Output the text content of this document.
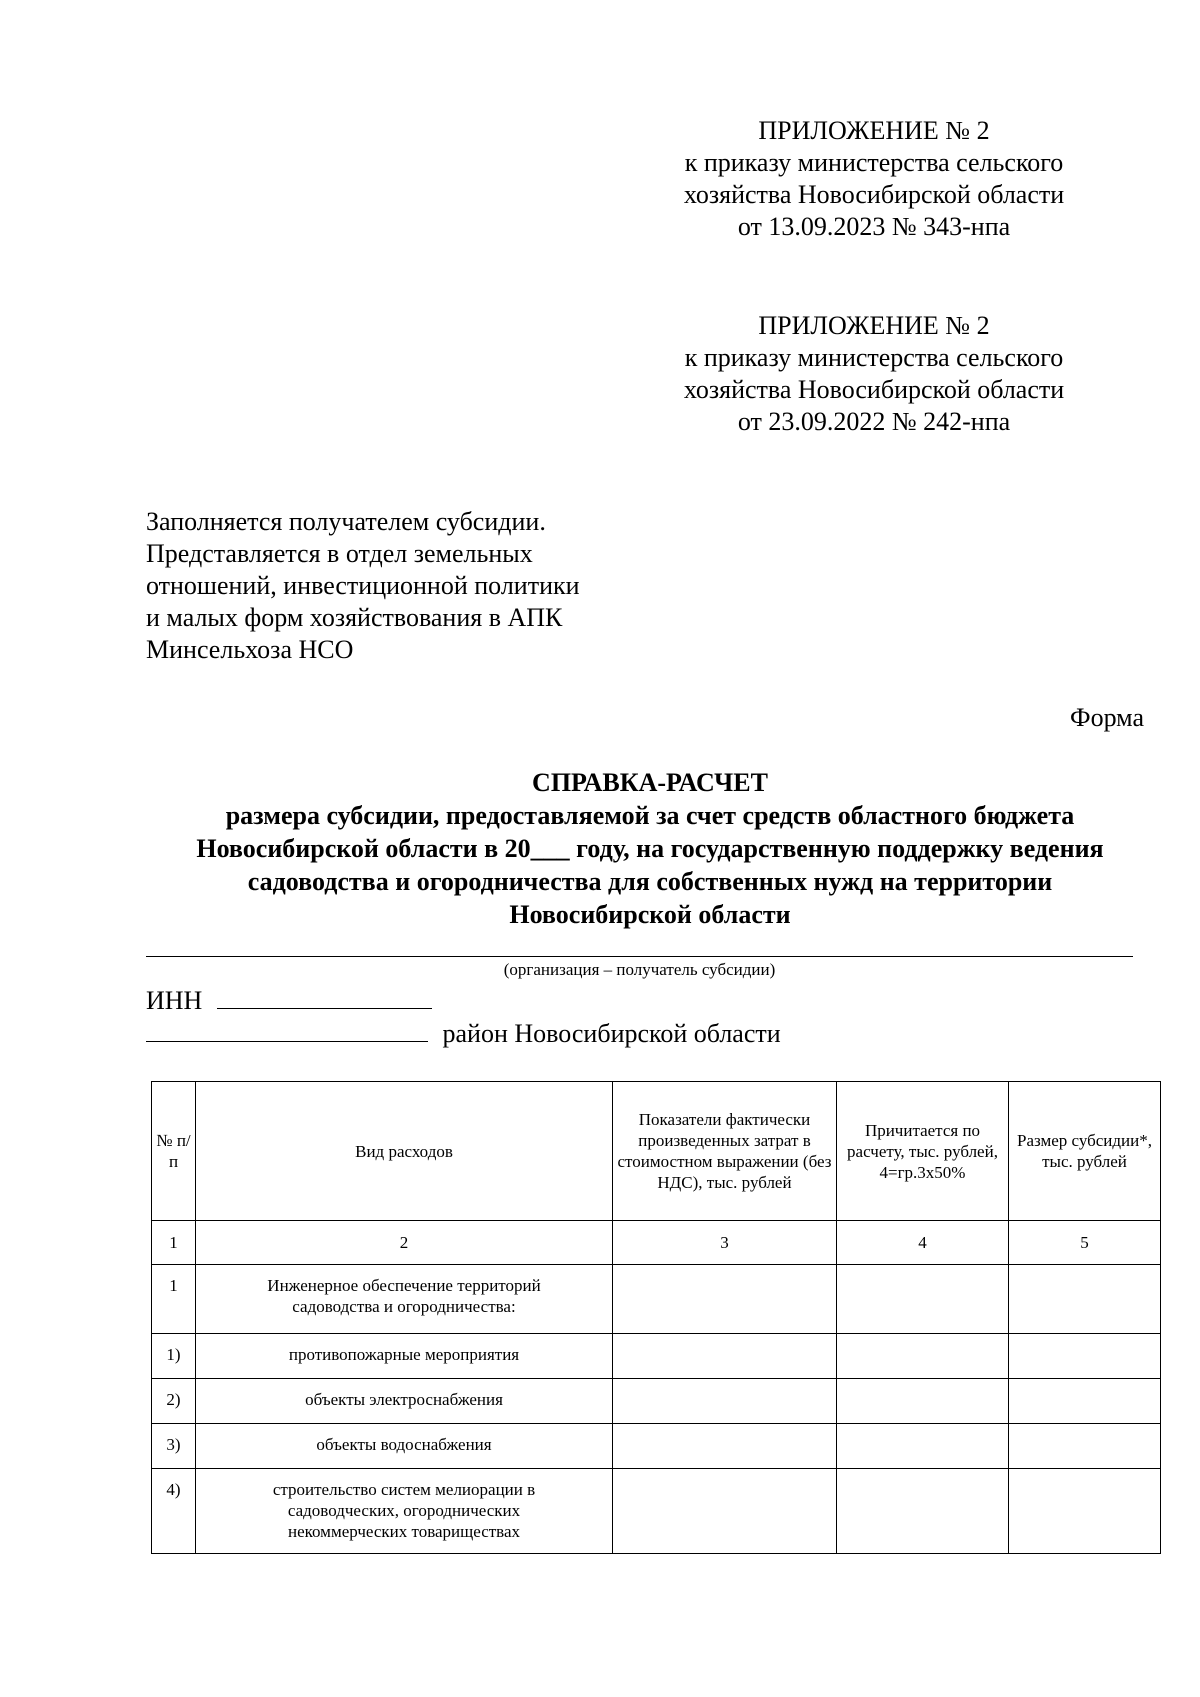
ПРИЛОЖЕНИЕ № 2
к приказу министерства сельского
хозяйства Новосибирской области
от 13.09.2023 № 343-нпа
ПРИЛОЖЕНИЕ № 2
к приказу министерства сельского
хозяйства Новосибирской области
от 23.09.2022 № 242-нпа
Заполняется получателем субсидии.
Представляется в отдел земельных
отношений, инвестиционной политики
и малых форм хозяйствования в АПК
Минсельхоза НСО
Форма
СПРАВКА-РАСЧЕТ
размера субсидии, предоставляемой за счет средств областного бюджета
Новосибирской области в 20___ году, на государственную поддержку ведения
садоводства и огородничества для собственных нужд на территории
Новосибирской области
(организация – получатель субсидии)
ИНН
район Новосибирской области
№ п/п	Вид расходов	Показатели фактически произведенных затрат в стоимостном выражении (без НДС), тыс. рублей	Причитается по расчету, тыс. рублей, 4=гр.3х50%	Размер субсидии*, тыс. рублей
1	2	3	4	5
1	Инженерное обеспечение территорий садоводства и огородничества:			
1)	противопожарные мероприятия			
2)	объекты электроснабжения			
3)	объекты водоснабжения			
4)	строительство систем мелиорации в садоводческих, огороднических некоммерческих товариществах			
